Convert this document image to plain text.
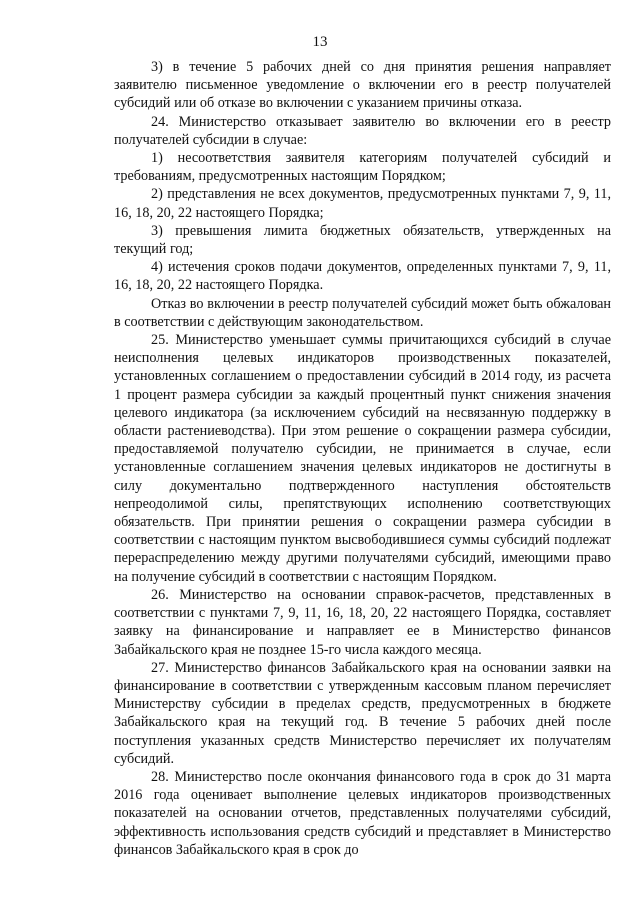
13

3) в течение 5 рабочих дней со дня принятия решения направляет заявителю письменное уведомление о включении его в реестр получателей субсидий или об отказе во включении с указанием причины отказа.

24. Министерство отказывает заявителю во включении его в реестр получателей субсидии в случае:

1) несоответствия заявителя категориям получателей субсидий и требованиям, предусмотренных настоящим Порядком;

2) представления не всех документов, предусмотренных пунктами 7, 9, 11, 16, 18, 20, 22 настоящего Порядка;

3) превышения лимита бюджетных обязательств, утвержденных на текущий год;

4) истечения сроков подачи документов, определенных пунктами 7, 9, 11, 16, 18, 20, 22 настоящего Порядка.

Отказ во включении в реестр получателей субсидий может быть обжалован в соответствии с действующим законодательством.

25. Министерство уменьшает суммы причитающихся субсидий в случае неисполнения целевых индикаторов производственных показателей, установленных соглашением о предоставлении субсидий в 2014 году, из расчета 1 процент размера субсидии за каждый процентный пункт снижения значения целевого индикатора (за исключением субсидий на несвязанную поддержку в области растениеводства). При этом решение о сокращении размера субсидии, предоставляемой получателю субсидии, не принимается в случае, если установленные соглашением значения целевых индикаторов не достигнуты в силу документально подтвержденного наступления обстоятельств непреодолимой силы, препятствующих исполнению соответствующих обязательств. При принятии решения о сокращении размера субсидии в соответствии с настоящим пунктом высвободившиеся суммы субсидий подлежат перераспределению между другими получателями субсидий, имеющими право на получение субсидий в соответствии с настоящим Порядком.

26. Министерство на основании справок-расчетов, представленных в соответствии с пунктами 7, 9, 11, 16, 18, 20, 22 настоящего Порядка, составляет заявку на финансирование и направляет ее в Министерство финансов Забайкальского края не позднее 15-го числа каждого месяца.

27. Министерство финансов Забайкальского края на основании заявки на финансирование в соответствии с утвержденным кассовым планом перечисляет Министерству субсидии в пределах средств, предусмотренных в бюджете Забайкальского края на текущий год. В течение 5 рабочих дней после поступления указанных средств Министерство перечисляет их получателям субсидий.

28. Министерство после окончания финансового года в срок до 31 марта 2016 года оценивает выполнение целевых индикаторов производственных показателей на основании отчетов, представленных получателями субсидий, эффективность использования средств субсидий и представляет в Министерство финансов Забайкальского края в срок до
